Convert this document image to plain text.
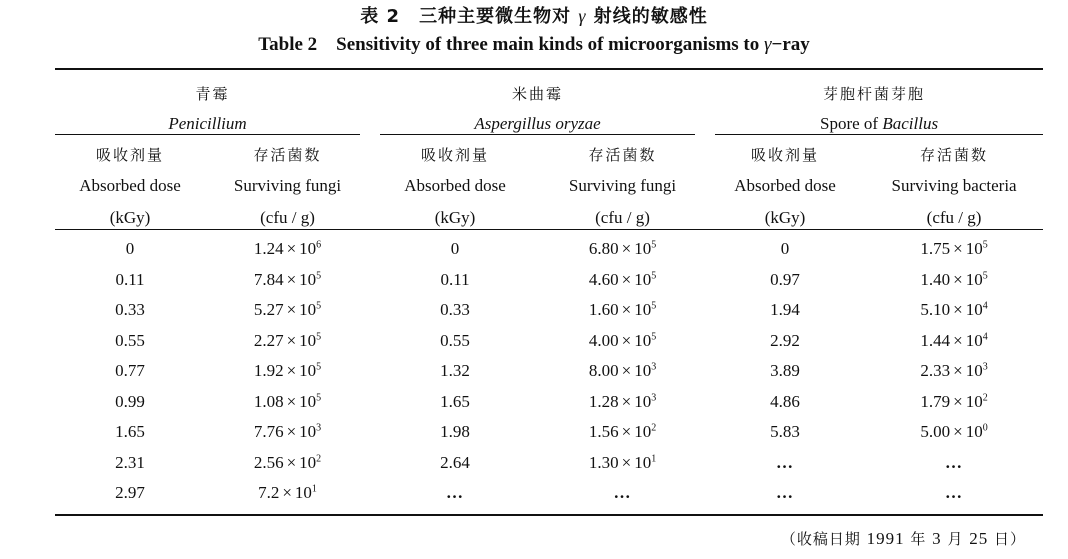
表 2　三种主要微生物对 γ 射线的敏感性
Table 2　Sensitivity of three main kinds of microorganisms to γ−ray
青霉		米曲霉		芽胞杆菌芽胞	

Penicillium		Aspergillus oryzae		Spore of Bacillus	

吸收剂量	存活菌数	吸收剂量	存活菌数	吸收剂量	存活菌数
Absorbed dose	Surviving fungi	Absorbed dose	Surviving fungi	Absorbed dose	Surviving bacteria
(kGy)	(cfu / g)	(kGy)	(cfu / g)	(kGy)	(cfu / g)
0	$1.24 \times 10^6$	0	$6.80 \times 10^5$	0	$1.75 \times 10^5$
0.11	$7.84 \times 10^5$	0.11	$4.60 \times 10^5$	0.97	$1.40 \times 10^5$
0.33	$5.27 \times 10^5$	0.33	$1.60 \times 10^5$	1.94	$5.10 \times 10^4$
0.55	$2.27 \times 10^5$	0.55	$4.00 \times 10^5$	2.92	$1.44 \times 10^4$
0.77	$1.92 \times 10^5$	1.32	$8.00 \times 10^3$	3.89	$2.33 \times 10^3$
0.99	$1.08 \times 10^5$	1.65	$1.28 \times 10^3$	4.86	$1.79 \times 10^2$
1.65	$7.76 \times 10^3$	1.98	$1.56 \times 10^2$	5.83	$5.00 \times 10^0$
2.31	$2.56 \times 10^2$	2.64	$1.30 \times 10^1$	…	…
2.97	$7.2 \times 10^1$	…	…	…	…
（收稿日期 1991 年 3 月 25 日）
